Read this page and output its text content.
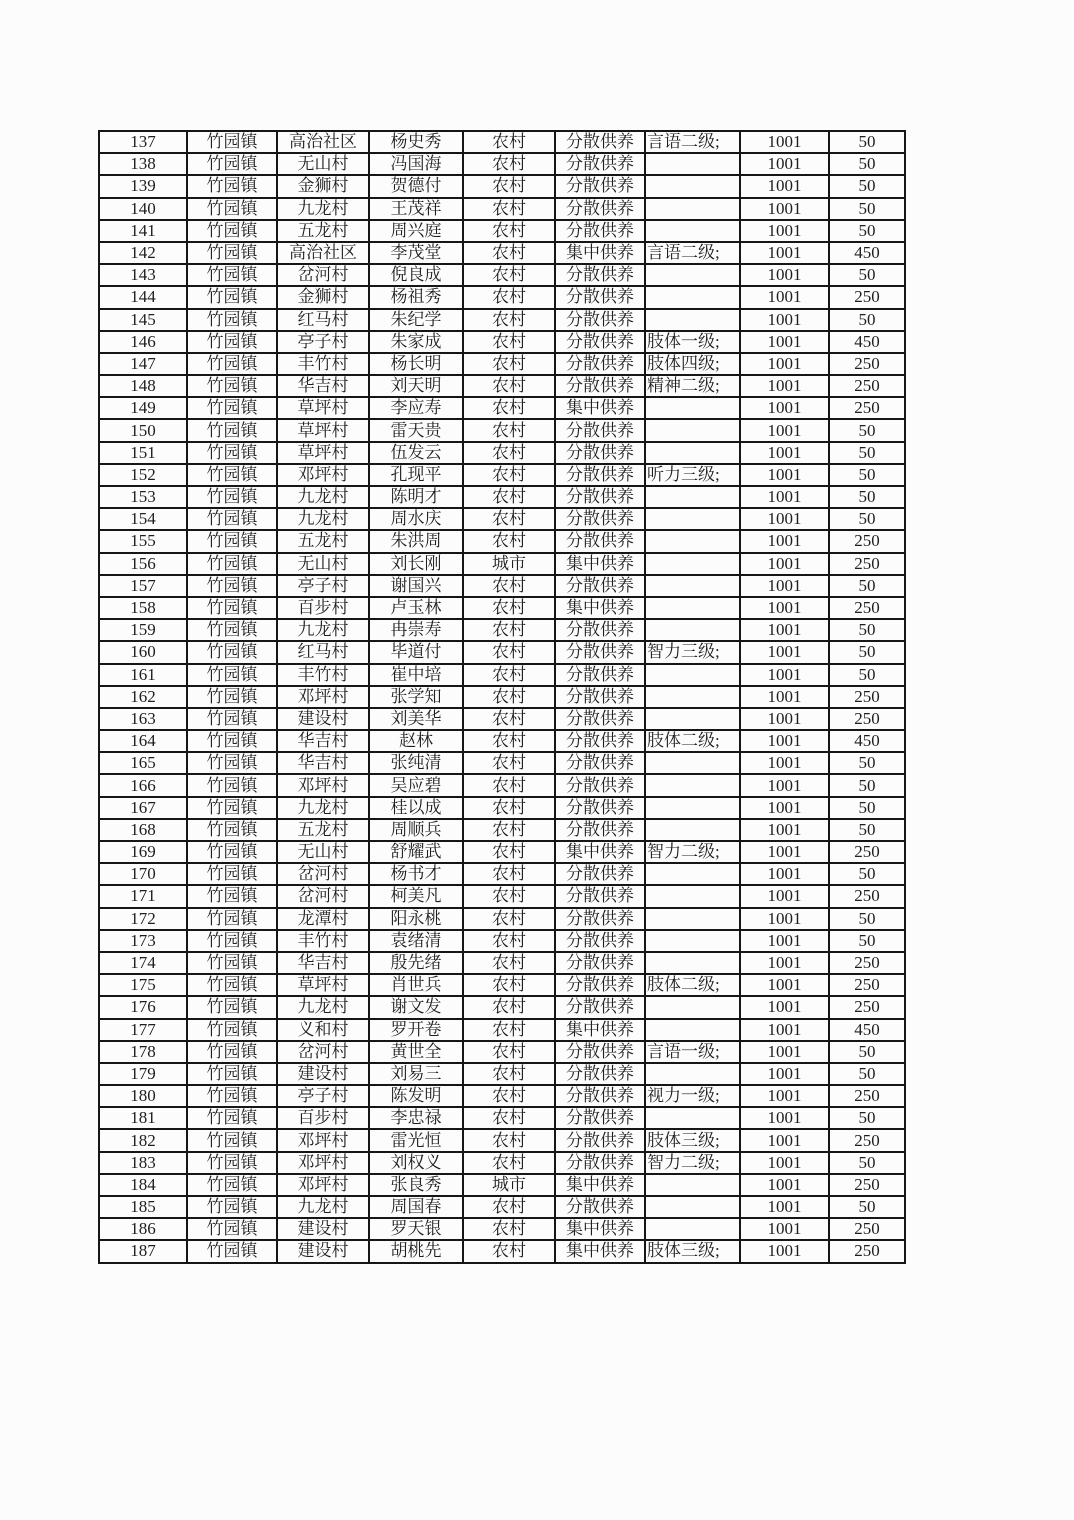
137	竹园镇	高治社区	杨史秀	农村	分散供养	言语二级;	1001	50
138	竹园镇	无山村	冯国海	农村	分散供养		1001	50
139	竹园镇	金狮村	贺德付	农村	分散供养		1001	50
140	竹园镇	九龙村	王茂祥	农村	分散供养		1001	50
141	竹园镇	五龙村	周兴庭	农村	分散供养		1001	50
142	竹园镇	高治社区	李茂堂	农村	集中供养	言语二级;	1001	450
143	竹园镇	岔河村	倪良成	农村	分散供养		1001	50
144	竹园镇	金狮村	杨祖秀	农村	分散供养		1001	250
145	竹园镇	红马村	朱纪学	农村	分散供养		1001	50
146	竹园镇	亭子村	朱家成	农村	分散供养	肢体一级;	1001	450
147	竹园镇	丰竹村	杨长明	农村	分散供养	肢体四级;	1001	250
148	竹园镇	华吉村	刘天明	农村	分散供养	精神二级;	1001	250
149	竹园镇	草坪村	李应寿	农村	集中供养		1001	250
150	竹园镇	草坪村	雷天贵	农村	分散供养		1001	50
151	竹园镇	草坪村	伍发云	农村	分散供养		1001	50
152	竹园镇	邓坪村	孔现平	农村	分散供养	听力三级;	1001	50
153	竹园镇	九龙村	陈明才	农村	分散供养		1001	50
154	竹园镇	九龙村	周水庆	农村	分散供养		1001	50
155	竹园镇	五龙村	朱洪周	农村	分散供养		1001	250
156	竹园镇	无山村	刘长刚	城市	集中供养		1001	250
157	竹园镇	亭子村	谢国兴	农村	分散供养		1001	50
158	竹园镇	百步村	卢玉林	农村	集中供养		1001	250
159	竹园镇	九龙村	冉崇寿	农村	分散供养		1001	50
160	竹园镇	红马村	毕道付	农村	分散供养	智力三级;	1001	50
161	竹园镇	丰竹村	崔中培	农村	分散供养		1001	50
162	竹园镇	邓坪村	张学知	农村	分散供养		1001	250
163	竹园镇	建设村	刘美华	农村	分散供养		1001	250
164	竹园镇	华吉村	赵林	农村	分散供养	肢体二级;	1001	450
165	竹园镇	华吉村	张纯清	农村	分散供养		1001	50
166	竹园镇	邓坪村	吴应碧	农村	分散供养		1001	50
167	竹园镇	九龙村	桂以成	农村	分散供养		1001	50
168	竹园镇	五龙村	周顺兵	农村	分散供养		1001	50
169	竹园镇	无山村	舒耀武	农村	集中供养	智力二级;	1001	250
170	竹园镇	岔河村	杨书才	农村	分散供养		1001	50
171	竹园镇	岔河村	柯美凡	农村	分散供养		1001	250
172	竹园镇	龙潭村	阳永桃	农村	分散供养		1001	50
173	竹园镇	丰竹村	袁绪清	农村	分散供养		1001	50
174	竹园镇	华吉村	殷先绪	农村	分散供养		1001	250
175	竹园镇	草坪村	肖世兵	农村	分散供养	肢体二级;	1001	250
176	竹园镇	九龙村	谢文发	农村	分散供养		1001	250
177	竹园镇	义和村	罗开卷	农村	集中供养		1001	450
178	竹园镇	岔河村	黄世全	农村	分散供养	言语一级;	1001	50
179	竹园镇	建设村	刘易三	农村	分散供养		1001	50
180	竹园镇	亭子村	陈发明	农村	分散供养	视力一级;	1001	250
181	竹园镇	百步村	李忠禄	农村	分散供养		1001	50
182	竹园镇	邓坪村	雷光恒	农村	分散供养	肢体三级;	1001	250
183	竹园镇	邓坪村	刘权义	农村	分散供养	智力二级;	1001	50
184	竹园镇	邓坪村	张良秀	城市	集中供养		1001	250
185	竹园镇	九龙村	周国春	农村	分散供养		1001	50
186	竹园镇	建设村	罗天银	农村	集中供养		1001	250
187	竹园镇	建设村	胡桃先	农村	集中供养	肢体三级;	1001	250
